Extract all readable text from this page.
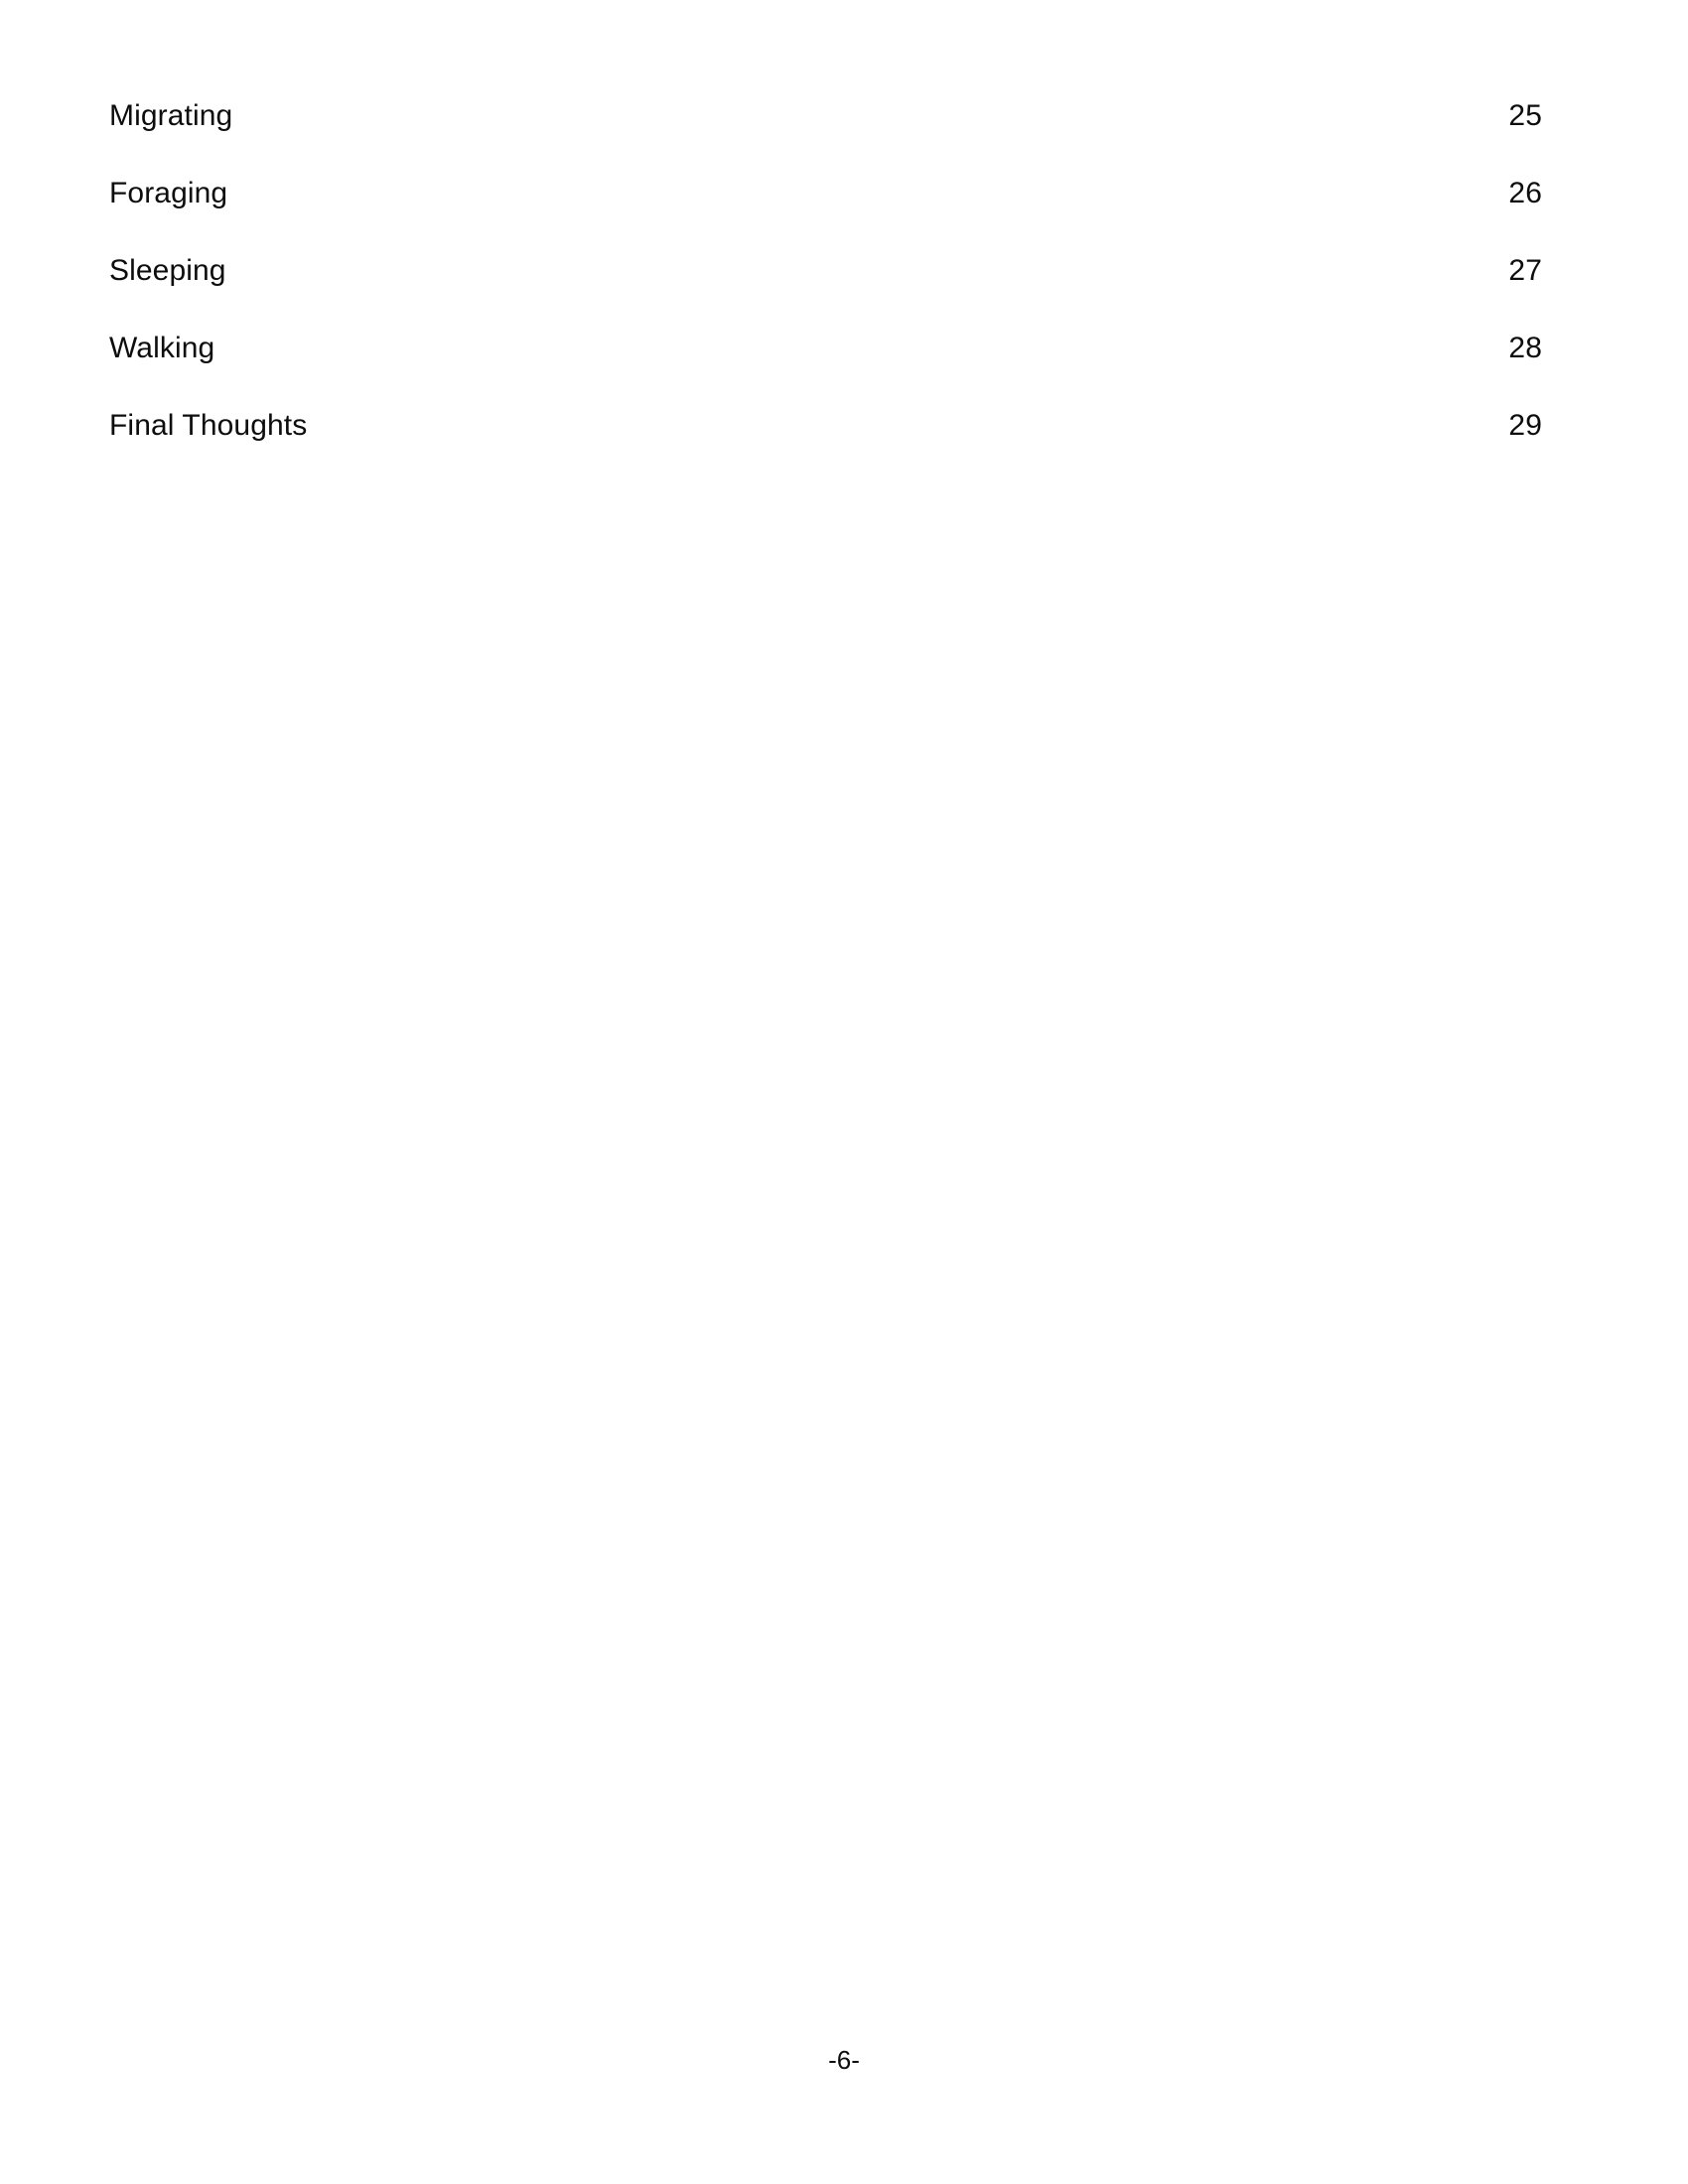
Migrating	25
Foraging	26
Sleeping	27
Walking	28
Final Thoughts	29
-6-
